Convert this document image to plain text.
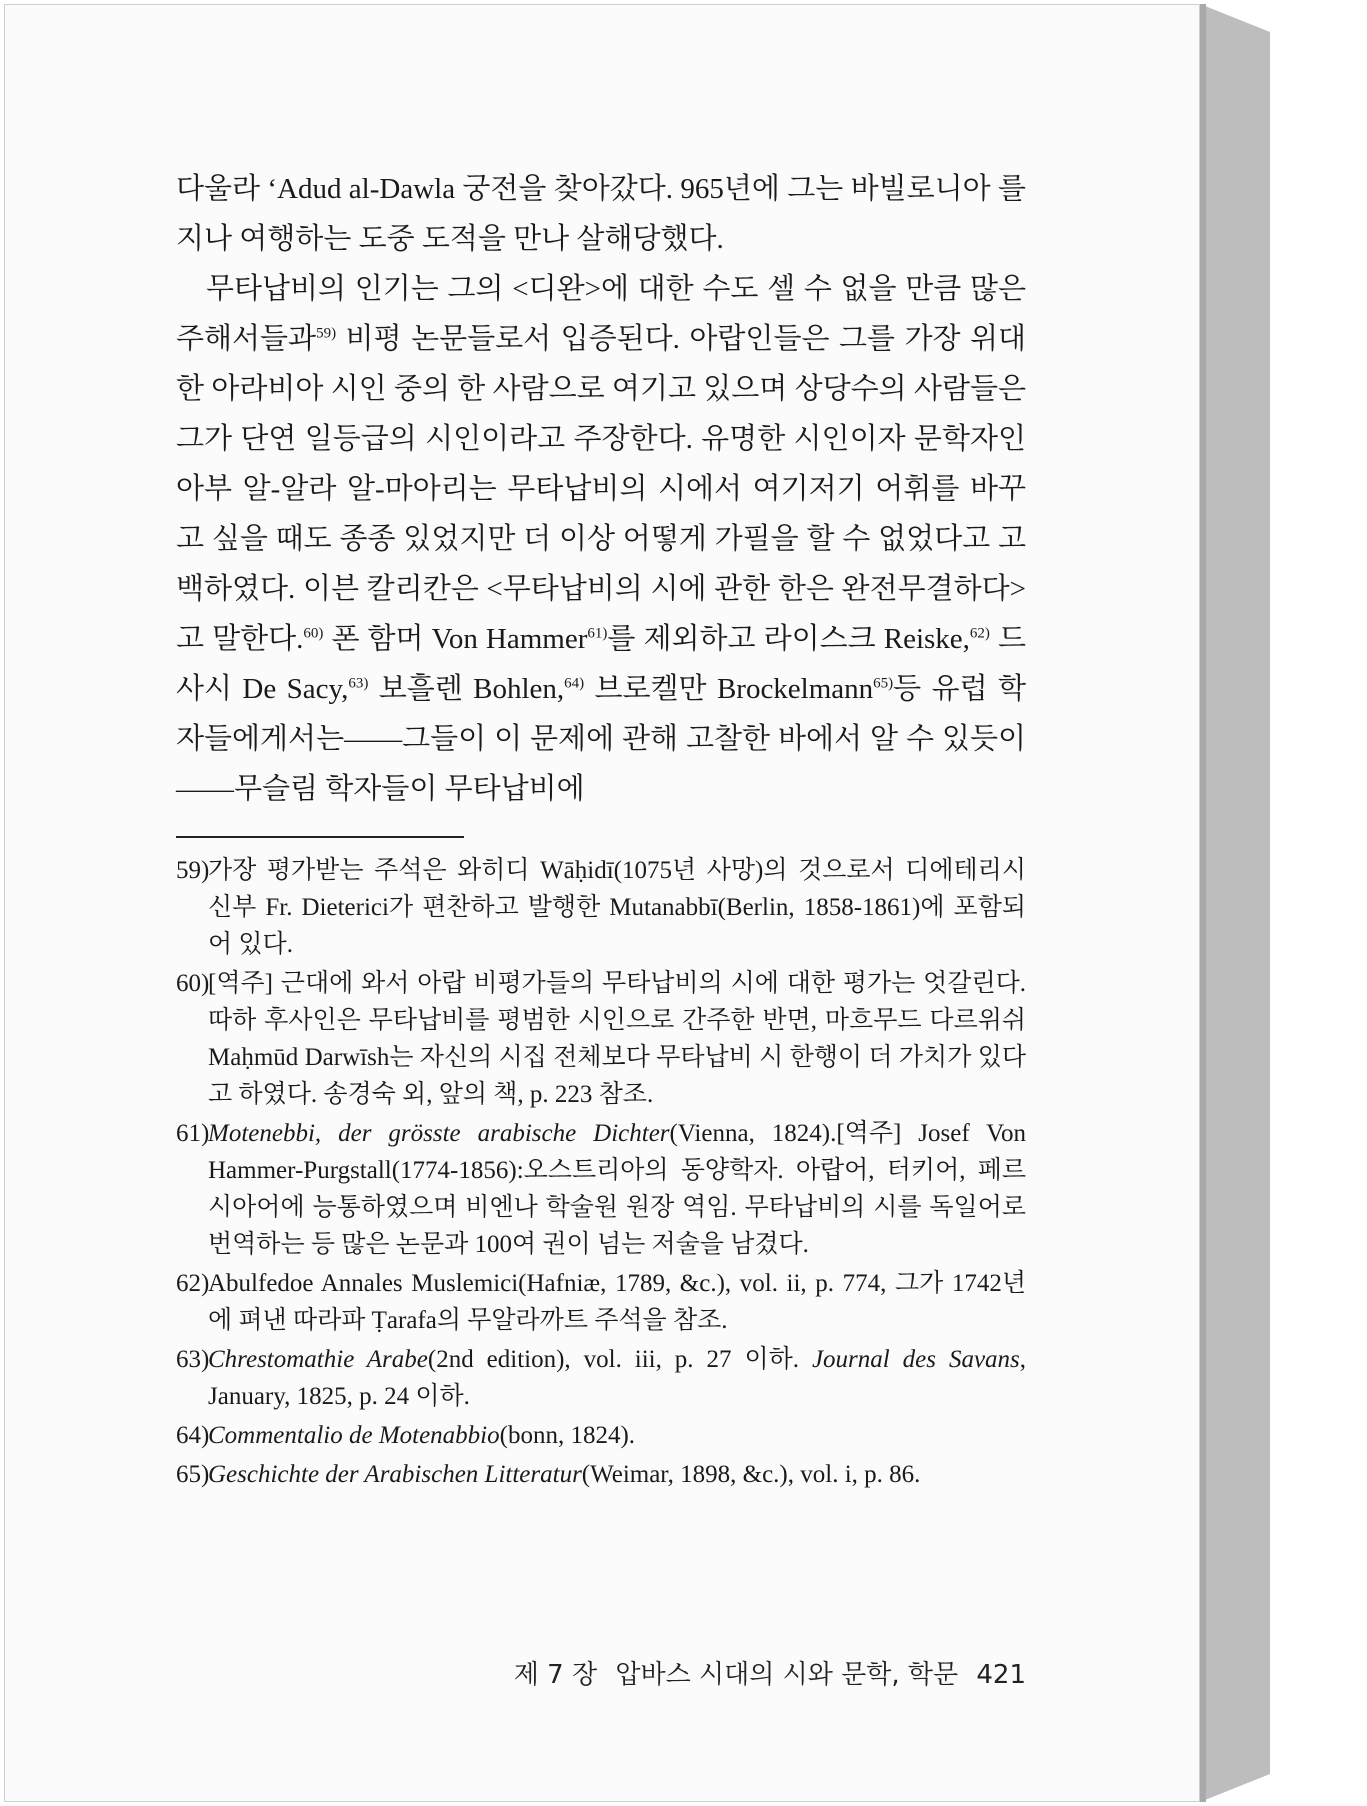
다울라 ‘Adud al-Dawla 궁전을 찾아갔다. 965년에 그는 바빌로니아 를 지나 여행하는 도중 도적을 만나 살해당했다.

무타납비의 인기는 그의 <디완>에 대한 수도 셀 수 없을 만큼 많은 주해서들과$^{59)}$ 비평 논문들로서 입증된다. 아랍인들은 그를 가장 위대한 아라비아 시인 중의 한 사람으로 여기고 있으며 상당수의 사람들은 그가 단연 일등급의 시인이라고 주장한다. 유명한 시인이자 문학자인 아부 알-알라 알-마아리는 무타납비의 시에서 여기저기 어휘를 바꾸고 싶을 때도 종종 있었지만 더 이상 어떻게 가필을 할 수 없었다고 고백하였다. 이븐 칼리칸은 <무타납비의 시에 관한 한은 완전무결하다>고 말한다.$^{60)}$ 폰 함머 Von Hammer$^{61)}$를 제외하고 라이스크 Reiske,$^{62)}$ 드 사시 De Sacy,$^{63)}$ 보흘렌 Bohlen,$^{64)}$ 브로켈만 Brockelmann$^{65)}$등 유럽 학자들에게서는――그들이 이 문제에 관해 고찰한 바에서 알 수 있듯이――무슬림 학자들이 무타납비에

59)
가장 평가받는 주석은 와히디 Wāḥidī(1075년 사망)의 것으로서 디에테리시 신부 Fr. Dieterici가 편찬하고 발행한 Mutanabbī(Berlin, 1858-1861)에 포함되어 있다.

60)
[역주] 근대에 와서 아랍 비평가들의 무타납비의 시에 대한 평가는 엇갈린다. 따하 후사인은 무타납비를 평범한 시인으로 간주한 반면, 마흐무드 다르위쉬 Maḥmūd Darwīsh는 자신의 시집 전체보다 무타납비 시 한행이 더 가치가 있다고 하였다. 송경숙 외, 앞의 책, p. 223 참조.

61)
Motenebbi, der grösste arabische Dichter(Vienna, 1824).[역주] Josef Von Hammer-Purgstall(1774-1856):오스트리아의 동양학자. 아랍어, 터키어, 페르시아어에 능통하였으며 비엔나 학술원 원장 역임. 무타납비의 시를 독일어로 번역하는 등 많은 논문과 100여 권이 넘는 저술을 남겼다.

62)
Abulfedoe Annales Muslemici(Hafniæ, 1789, &c.), vol. ii, p. 774, 그가 1742년에 펴낸 따라파 Ṭarafa의 무알라까트 주석을 참조.

63)
Chrestomathie Arabe(2nd edition), vol. iii, p. 27 이하. Journal des Savans, January, 1825, p. 24 이하.

64)
Commentalio de Motenabbio(bonn, 1824).

65)
Geschichte der Arabischen Litteratur(Weimar, 1898, &c.), vol. i, p. 86.

제 7 장 압바스 시대의 시와 문학, 학문 421
